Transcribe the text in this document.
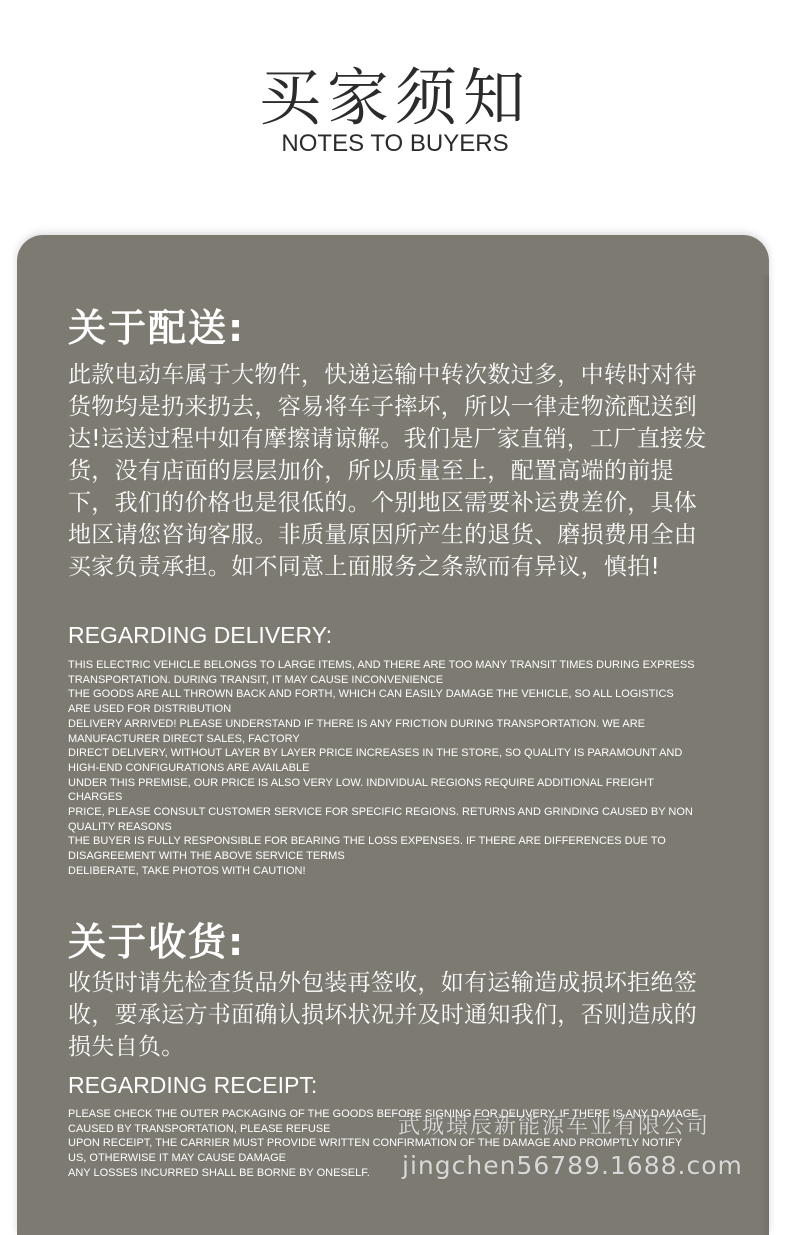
买家须知
NOTES TO BUYERS
关于配送:
此款电动车属于大物件，快递运输中转次数过多，中转时对待货物均是扔来扔去，容易将车子摔坏，所以一律走物流配送到达!运送过程中如有摩擦请谅解。我们是厂家直销，工厂直接发货，没有店面的层层加价，所以质量至上，配置高端的前提下，我们的价格也是很低的。个别地区需要补运费差价，具体地区请您咨询客服。非质量原因所产生的退货、磨损费用全由买家负责承担。如不同意上面服务之条款而有异议，慎拍!
REGARDING DELIVERY:
THIS ELECTRIC VEHICLE BELONGS TO LARGE ITEMS, AND THERE ARE TOO MANY TRANSIT TIMES DURING EXPRESS
TRANSPORTATION. DURING TRANSIT, IT MAY CAUSE INCONVENIENCE
THE GOODS ARE ALL THROWN BACK AND FORTH, WHICH CAN EASILY DAMAGE THE VEHICLE, SO ALL LOGISTICS
ARE USED FOR DISTRIBUTION
DELIVERY ARRIVED! PLEASE UNDERSTAND IF THERE IS ANY FRICTION DURING TRANSPORTATION. WE ARE
MANUFACTURER DIRECT SALES, FACTORY
DIRECT DELIVERY, WITHOUT LAYER BY LAYER PRICE INCREASES IN THE STORE, SO QUALITY IS PARAMOUNT AND
HIGH-END CONFIGURATIONS ARE AVAILABLE
UNDER THIS PREMISE, OUR PRICE IS ALSO VERY LOW. INDIVIDUAL REGIONS REQUIRE ADDITIONAL FREIGHT
CHARGES
PRICE, PLEASE CONSULT CUSTOMER SERVICE FOR SPECIFIC REGIONS. RETURNS AND GRINDING CAUSED BY NON
QUALITY REASONS
THE BUYER IS FULLY RESPONSIBLE FOR BEARING THE LOSS EXPENSES. IF THERE ARE DIFFERENCES DUE TO
DISAGREEMENT WITH THE ABOVE SERVICE TERMS
DELIBERATE, TAKE PHOTOS WITH CAUTION!
关于收货:
收货时请先检查货品外包装再签收，如有运输造成损坏拒绝签收，要承运方书面确认损坏状况并及时通知我们，否则造成的损失自负。
REGARDING RECEIPT:
PLEASE CHECK THE OUTER PACKAGING OF THE GOODS BEFORE SIGNING FOR DELIVERY. IF THERE IS ANY DAMAGE
CAUSED BY TRANSPORTATION, PLEASE REFUSE
UPON RECEIPT, THE CARRIER MUST PROVIDE WRITTEN CONFIRMATION OF THE DAMAGE AND PROMPTLY NOTIFY
US, OTHERWISE IT MAY CAUSE DAMAGE
ANY LOSSES INCURRED SHALL BE BORNE BY ONESELF.
武城璟辰新能源车业有限公司
jingchen56789.1688.com
